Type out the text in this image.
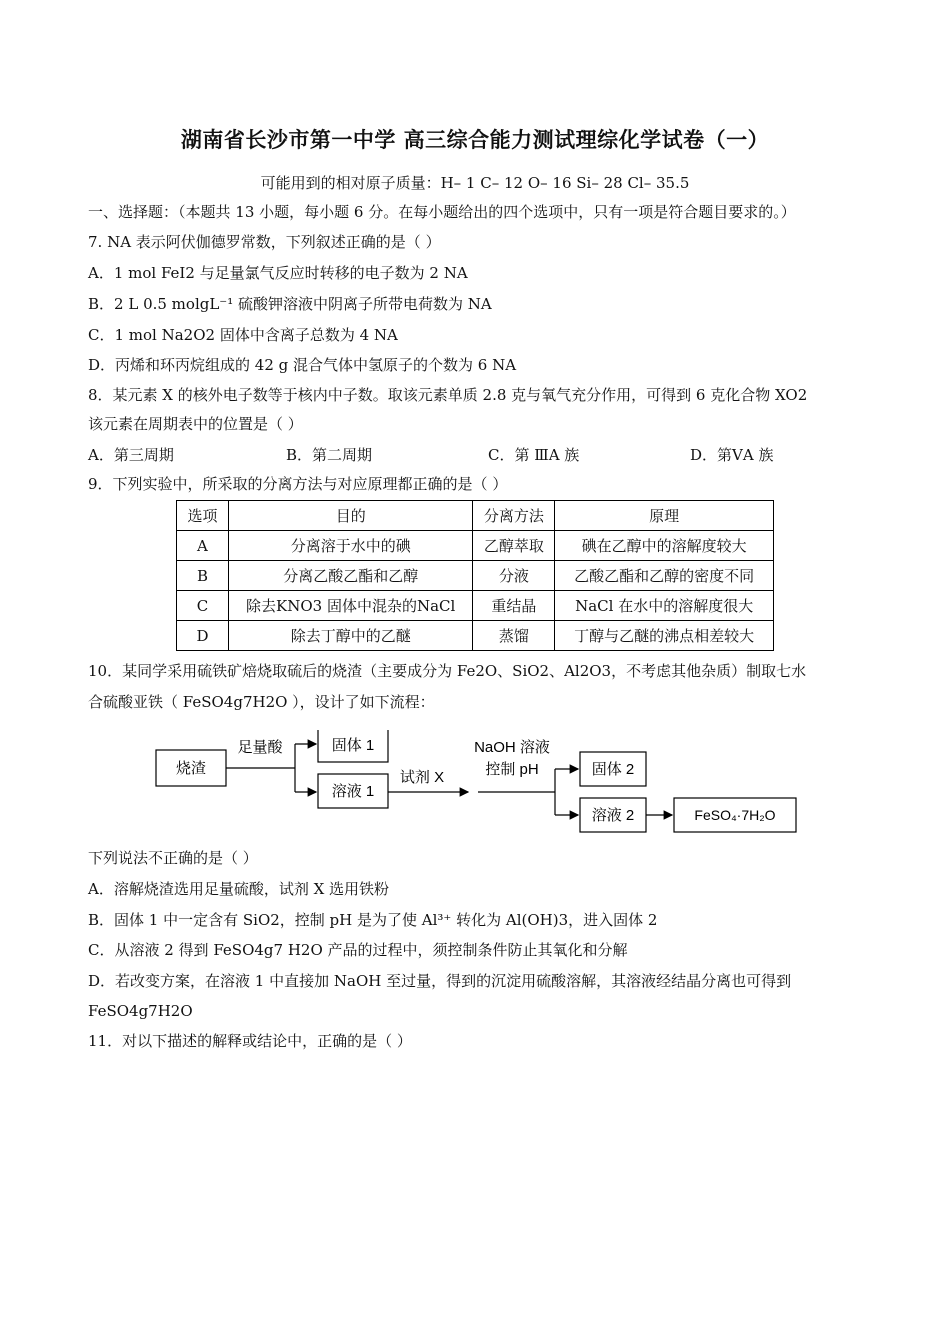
湖南省长沙市第一中学 高三综合能力测试理综化学试卷（一）
可能用到的相对原子质量：H– 1 C– 12 O– 16 Si– 28 Cl– 35.5
一、选择题：（本题共 13 小题，每小题 6 分。在每小题给出的四个选项中，只有一项是符合题目要求的。）
7. NA 表示阿伏伽德罗常数，下列叙述正确的是（ ）
A．1 mol FeI2 与足量氯气反应时转移的电子数为 2 NA
B．2 L 0.5 molgL⁻¹ 硫酸钾溶液中阴离子所带电荷数为 NA
C．1 mol Na2O2 固体中含离子总数为 4 NA
D．丙烯和环丙烷组成的 42 g 混合气体中氢原子的个数为 6 NA
8．某元素 X 的核外电子数等于核内中子数。取该元素单质 2.8 克与氧气充分作用，可得到 6 克化合物 XO2
该元素在周期表中的位置是（ ）
A．第三周期	B．第二周期	C．第 ⅢA 族	D．第ⅤA 族
9．下列实验中，所采取的分离方法与对应原理都正确的是（ ）
选项	目的	分离方法	原理
A	分离溶于水中的碘	乙醇萃取	碘在乙醇中的溶解度较大
B	分离乙酸乙酯和乙醇	分液	乙酸乙酯和乙醇的密度不同
C	除去KNO3 固体中混杂的NaCl	重结晶	NaCl 在水中的溶解度很大
D	除去丁醇中的乙醚	蒸馏	丁醇与乙醚的沸点相差较大
10．某同学采用硫铁矿焙烧取硫后的烧渣（主要成分为 Fe2O、SiO2、Al2O3，不考虑其他杂质）制取七水
合硫酸亚铁（ FeSO4g7H2O ），设计了如下流程：
烧渣
足量酸	固体 1
溶液 1
试剂 X
NaOH 溶液
控制 pH	固体 2
溶液 2	FeSO₄·7H₂O
下列说法不正确的是（ ）
A．溶解烧渣选用足量硫酸，试剂 X 选用铁粉
B．固体 1 中一定含有 SiO2，控制 pH 是为了使 Al³⁺ 转化为 Al(OH)3，进入固体 2
C．从溶液 2 得到 FeSO4g7 H2O 产品的过程中，须控制条件防止其氧化和分解
D．若改变方案，在溶液 1 中直接加 NaOH 至过量，得到的沉淀用硫酸溶解，其溶液经结晶分离也可得到
FeSO4g7H2O
11．对以下描述的解释或结论中，正确的是（ ）
